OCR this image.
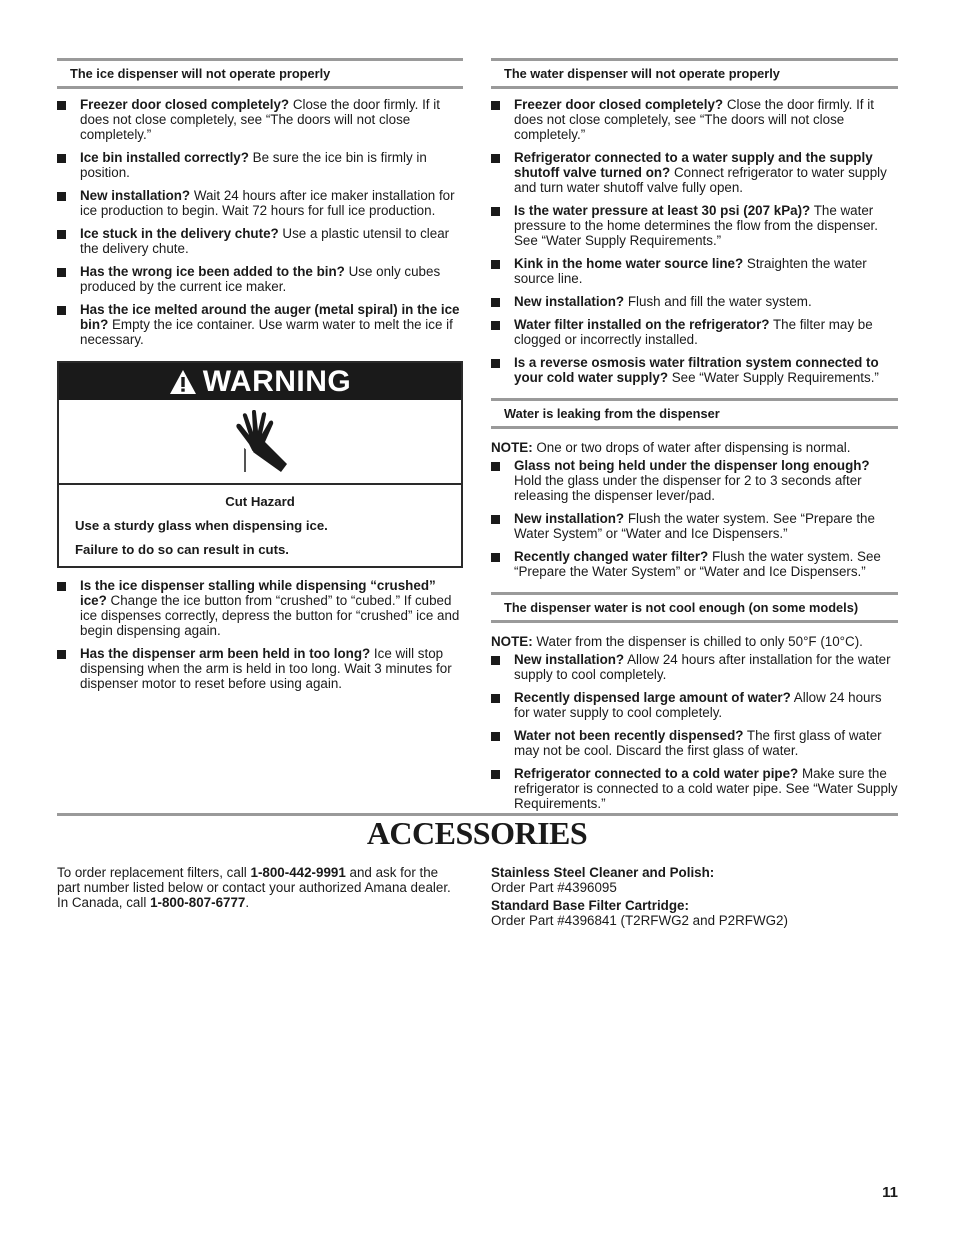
The ice dispenser will not operate properly
Freezer door closed completely? Close the door firmly. If it does not close completely, see “The doors will not close completely.”
Ice bin installed correctly? Be sure the ice bin is firmly in position.
New installation? Wait 24 hours after ice maker installation for ice production to begin. Wait 72 hours for full ice production.
Ice stuck in the delivery chute? Use a plastic utensil to clear the delivery chute.
Has the wrong ice been added to the bin? Use only cubes produced by the current ice maker.
Has the ice melted around the auger (metal spiral) in the ice bin? Empty the ice container. Use warm water to melt the ice if necessary.
WARNING
Cut Hazard
Use a sturdy glass when dispensing ice.
Failure to do so can result in cuts.
Is the ice dispenser stalling while dispensing “crushed” ice? Change the ice button from “crushed” to “cubed.” If cubed ice dispenses correctly, depress the button for “crushed” ice and begin dispensing again.
Has the dispenser arm been held in too long? Ice will stop dispensing when the arm is held in too long. Wait 3 minutes for dispenser motor to reset before using again.
The water dispenser will not operate properly
Freezer door closed completely? Close the door firmly. If it does not close completely, see “The doors will not close completely.”
Refrigerator connected to a water supply and the supply shutoff valve turned on? Connect refrigerator to water supply and turn water shutoff valve fully open.
Is the water pressure at least 30 psi (207 kPa)? The water pressure to the home determines the flow from the dispenser. See “Water Supply Requirements.”
Kink in the home water source line? Straighten the water source line.
New installation? Flush and fill the water system.
Water filter installed on the refrigerator? The filter may be clogged or incorrectly installed.
Is a reverse osmosis water filtration system connected to your cold water supply? See “Water Supply Requirements.”
Water is leaking from the dispenser
NOTE: One or two drops of water after dispensing is normal.
Glass not being held under the dispenser long enough? Hold the glass under the dispenser for 2 to 3 seconds after releasing the dispenser lever/pad.
New installation? Flush the water system. See “Prepare the Water System” or “Water and Ice Dispensers.”
Recently changed water filter? Flush the water system. See “Prepare the Water System” or “Water and Ice Dispensers.”
The dispenser water is not cool enough (on some models)
NOTE: Water from the dispenser is chilled to only 50°F (10°C).
New installation? Allow 24 hours after installation for the water supply to cool completely.
Recently dispensed large amount of water? Allow 24 hours for water supply to cool completely.
Water not been recently dispensed? The first glass of water may not be cool. Discard the first glass of water.
Refrigerator connected to a cold water pipe? Make sure the refrigerator is connected to a cold water pipe. See “Water Supply Requirements.”
ACCESSORIES
To order replacement filters, call 1-800-442-9991 and ask for the part number listed below or contact your authorized Amana dealer. In Canada, call 1-800-807-6777.
Stainless Steel Cleaner and Polish:
Order Part #4396095
Standard Base Filter Cartridge:
Order Part #4396841 (T2RFWG2 and P2RFWG2)
11
